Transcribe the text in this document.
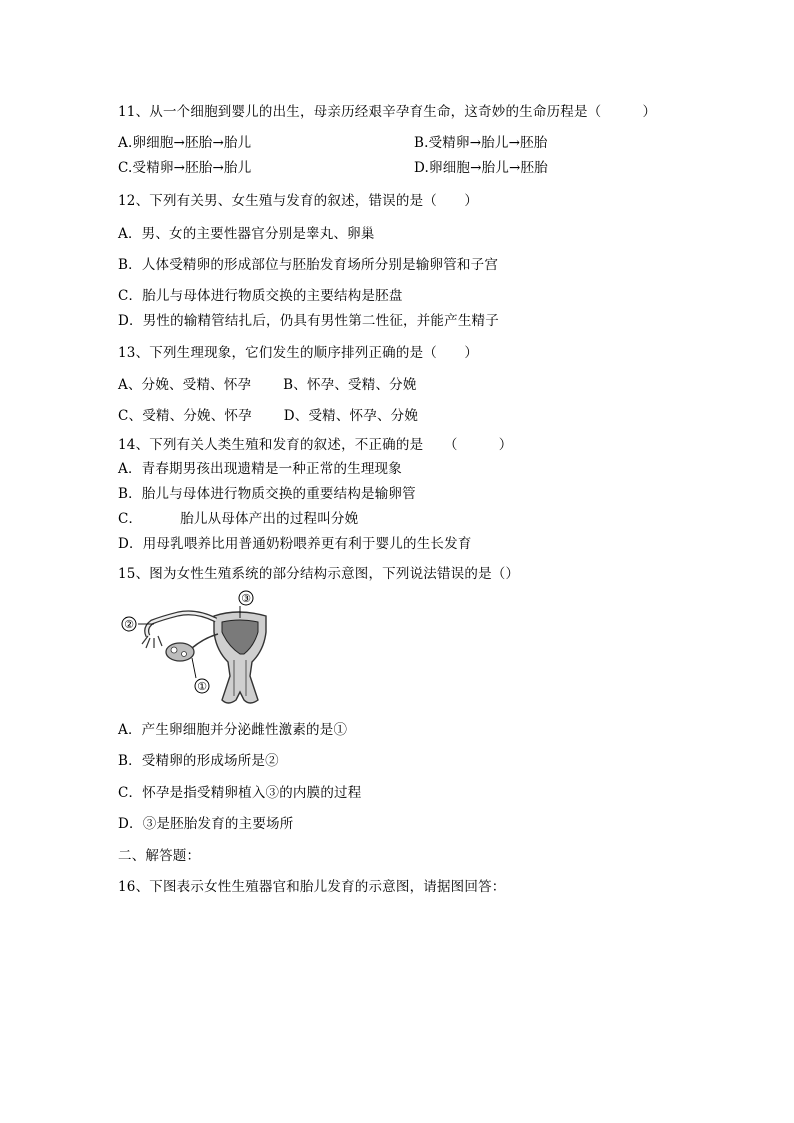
11、从一个细胞到婴儿的出生，母亲历经艰辛孕育生命，这奇妙的生命历程是（　　　）
A.卵细胞→胚胎→胎儿	B.受精卵→胎儿→胚胎
C.受精卵→胚胎→胎儿	D.卵细胞→胎儿→胚胎
12、下列有关男、女生殖与发育的叙述，错误的是（　　）
A．男、女的主要性器官分别是睾丸、卵巢
B．人体受精卵的形成部位与胚胎发育场所分别是输卵管和子宫
C．胎儿与母体进行物质交换的主要结构是胚盘
D．男性的输精管结扎后，仍具有男性第二性征，并能产生精子
13、下列生理现象，它们发生的顺序排列正确的是（　　）
A、分娩、受精、怀孕　　 B、怀孕、受精、分娩
C、受精、分娩、怀孕　　 D、受精、怀孕、分娩
14、下列有关人类生殖和发育的叙述，不正确的是　　（　　　）
A．青春期男孩出现遗精是一种正常的生理现象
B．胎儿与母体进行物质交换的重要结构是输卵管
C．	胎儿从母体产出的过程叫分娩
D．用母乳喂养比用普通奶粉喂养更有利于婴儿的生长发育
15、图为女性生殖系统的部分结构示意图，下列说法错误的是（）
②
①
③
A．产生卵细胞并分泌雌性激素的是①
B．受精卵的形成场所是②
C．怀孕是指受精卵植入③的内膜的过程
D．③是胚胎发育的主要场所
二、解答题：
16、下图表示女性生殖器官和胎儿发育的示意图，请据图回答：
